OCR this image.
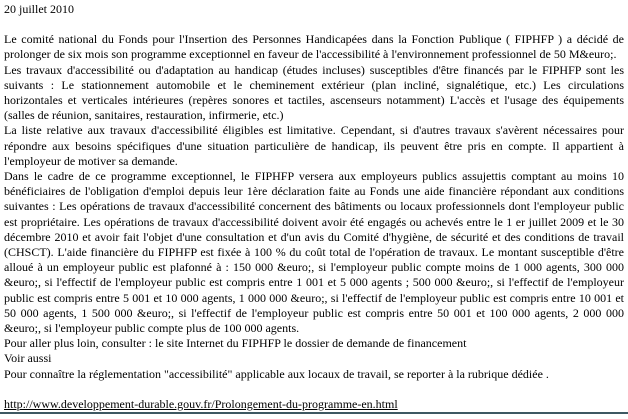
20 juillet 2010

Le comité national du Fonds pour l'Insertion des Personnes Handicapées dans la Fonction Publique ( FIPHFP ) a décidé de prolonger de six mois son programme exceptionnel en faveur de l'accessibilité à l'environnement professionnel de 50 M&euro;.

Les travaux d'accessibilité ou d'adaptation au handicap (études incluses) susceptibles d'être financés par le FIPHFP sont les suivants : Le stationnement automobile et le cheminement extérieur (plan incliné, signalétique, etc.) Les circulations horizontales et verticales intérieures (repères sonores et tactiles, ascenseurs notamment) L'accès et l'usage des équipements (salles de réunion, sanitaires, restauration, infirmerie, etc.)

La liste relative aux travaux d'accessibilité éligibles est limitative. Cependant, si d'autres travaux s'avèrent nécessaires pour répondre aux besoins spécifiques d'une situation particulière de handicap, ils peuvent être pris en compte. Il appartient à l'employeur de motiver sa demande.

Dans le cadre de ce programme exceptionnel, le FIPHFP versera aux employeurs publics assujettis comptant au moins 10 bénéficiaires de l'obligation d'emploi depuis leur 1ère déclaration faite au Fonds une aide financière répondant aux conditions suivantes : Les opérations de travaux d'accessibilité concernent des bâtiments ou locaux professionnels dont l'employeur public est propriétaire. Les opérations de travaux d'accessibilité doivent avoir été engagés ou achevés entre le 1 er juillet 2009 et le 30 décembre 2010 et avoir fait l'objet d'une consultation et d'un avis du Comité d'hygiène, de sécurité et des conditions de travail (CHSCT). L'aide financière du FIPHFP est fixée à 100 % du coût total de l'opération de travaux. Le montant susceptible d'être alloué à un employeur public est plafonné à : 150 000 &euro;, si l'employeur public compte moins de 1 000 agents, 300 000 &euro;, si l'effectif de l'employeur public est compris entre 1 001 et 5 000 agents ; 500 000 &euro;, si l'effectif de l'employeur public est compris entre 5 001 et 10 000 agents, 1 000 000 &euro;, si l'effectif de l'employeur public est compris entre 10 001 et 50 000 agents, 1 500 000 &euro;, si l'effectif de l'employeur public est compris entre 50 001 et 100 000 agents, 2 000 000 &euro;, si l'employeur public compte plus de 100 000 agents.

Pour aller plus loin, consulter : le site Internet du FIPHFP le dossier de demande de financement

Voir aussi

Pour connaître la réglementation "accessibilité" applicable aux locaux de travail, se reporter à la rubrique dédiée .

http://www.developpement-durable.gouv.fr/Prolongement-du-programme-en.html
